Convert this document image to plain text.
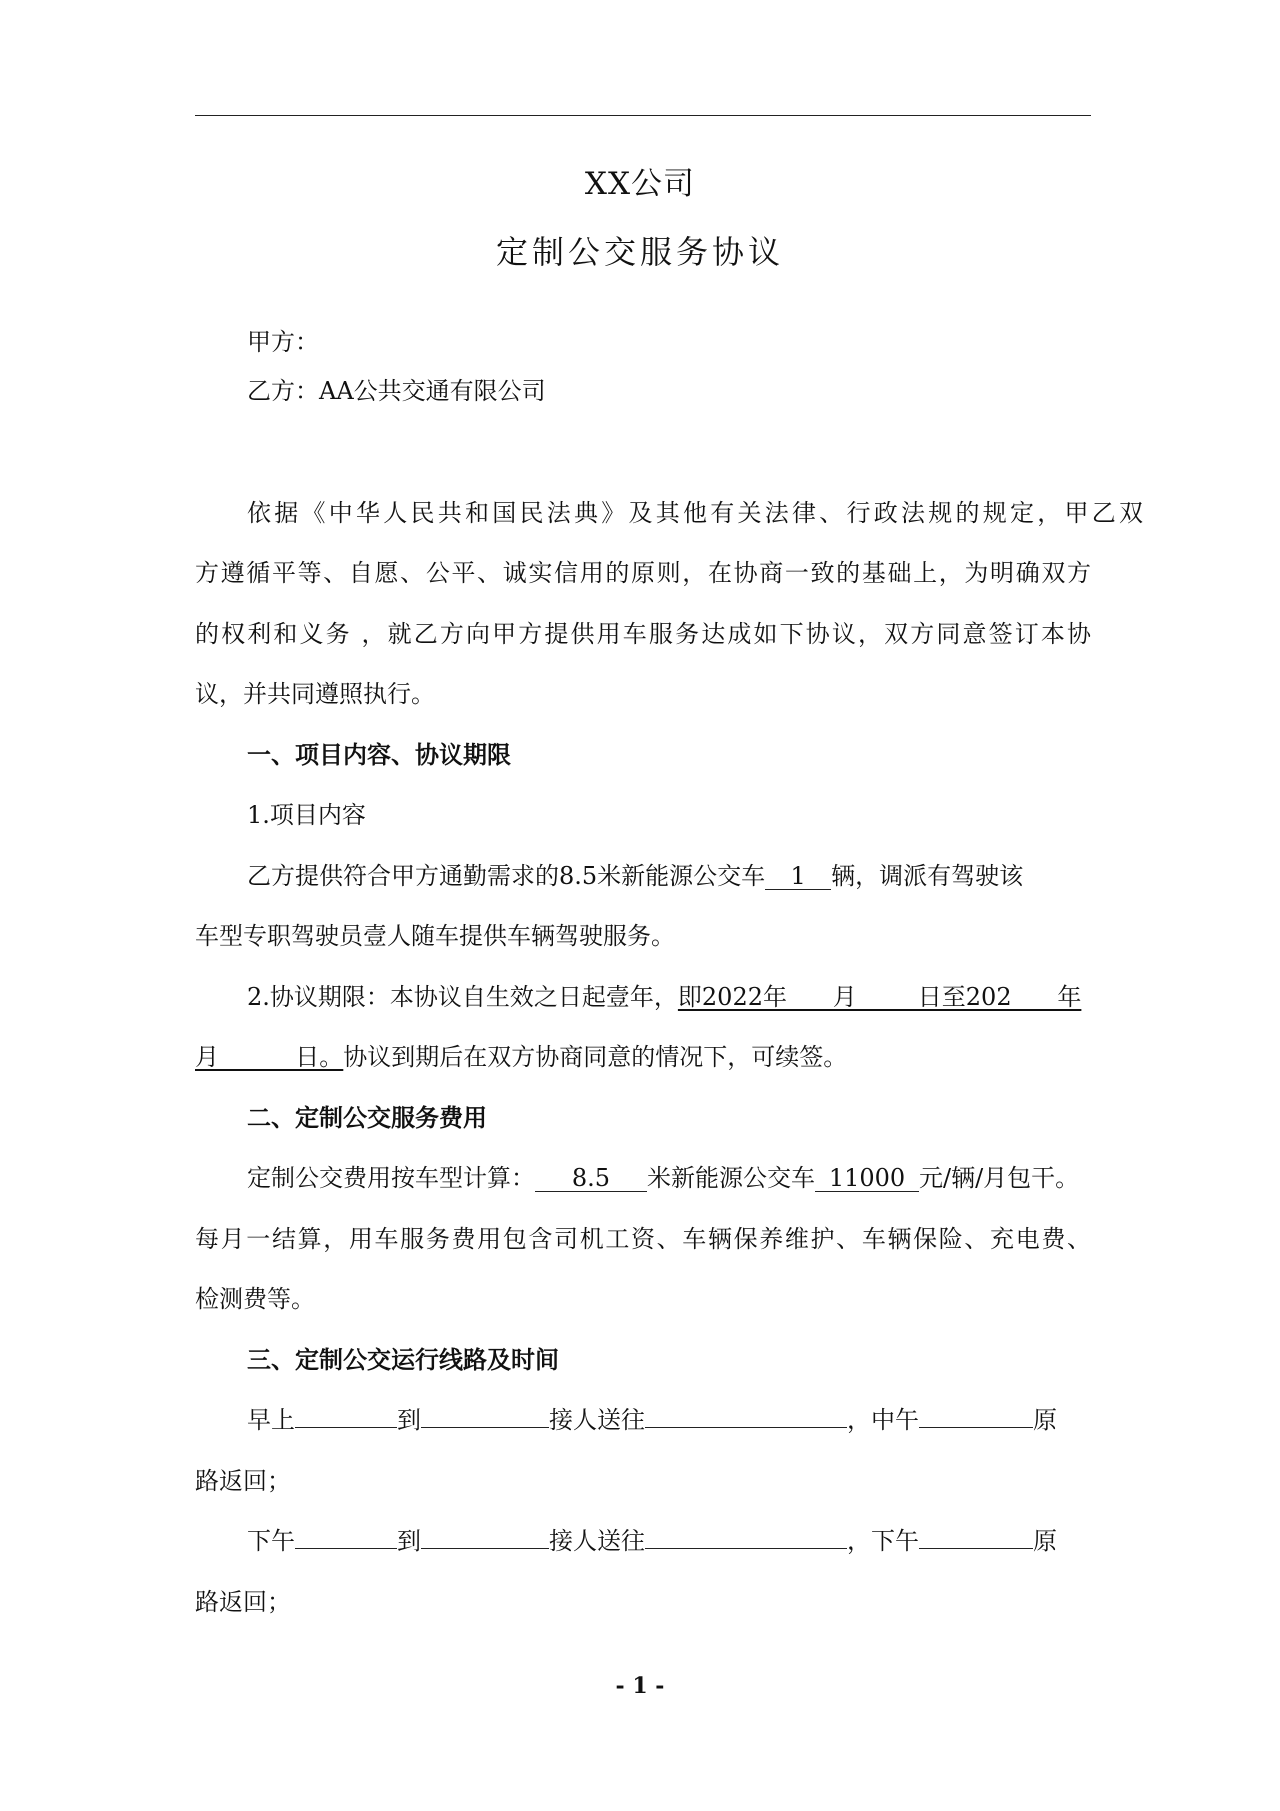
XX公司
定制公交服务协议
甲方：
乙方：AA公共交通有限公司
依据《中华人民共和国民法典》及其他有关法律、行政法规的规定，甲乙双
方遵循平等、自愿、公平、诚实信用的原则，在协商一致的基础上，为明确双方
的权利和义务 ，就乙方向甲方提供用车服务达成如下协议，双方同意签订本协
议，并共同遵照执行。
一、项目内容、协议期限
1.项目内容
乙方提供符合甲方通勤需求的8.5米新能源公交车 1 辆，调派有驾驶该
车型专职驾驶员壹人随车提供车辆驾驶服务。
2.协议期限：本协议自生效之日起壹年，即2022年      月        日至202      年
月          日。协议到期后在双方协商同意的情况下，可续签。
二、定制公交服务费用
定制公交费用按车型计算： 8.5 米新能源公交车 11000 元/辆/月包干。
每月一结算，用车服务费用包含司机工资、车辆保养维护、车辆保险、充电费、
检测费等。
三、定制公交运行线路及时间
早上	到	接人送往	，中午	原
路返回；
下午	到	接人送往	，下午	原
路返回；
- 1 -
